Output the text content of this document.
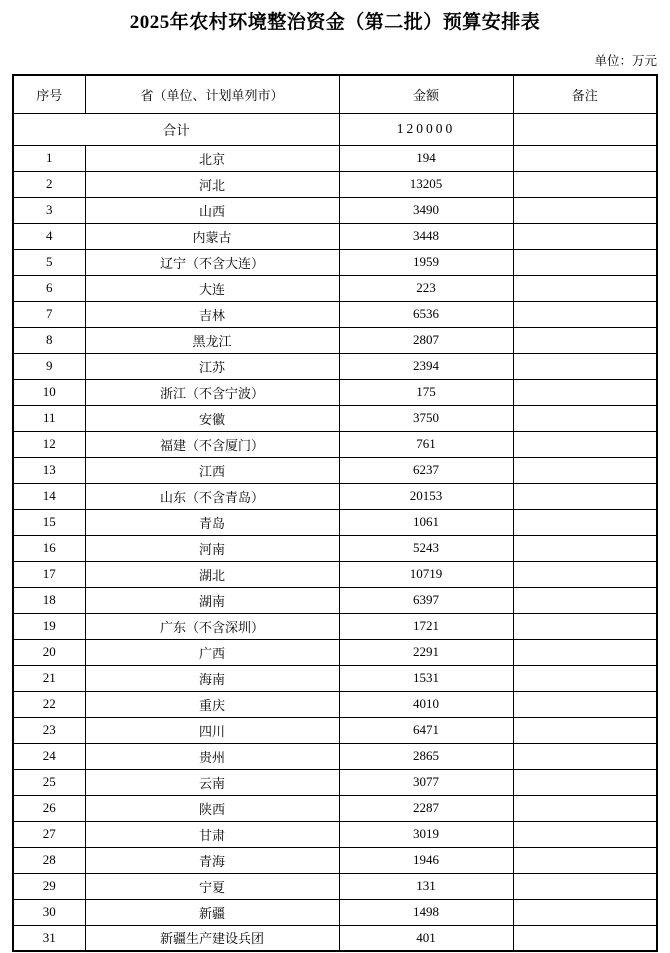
2025年农村环境整治资金（第二批）预算安排表
单位：万元
序号	省（单位、计划单列市）	金额	备注
合计		120000	
1	北京	194	
2	河北	13205	
3	山西	3490	
4	内蒙古	3448	
5	辽宁（不含大连）	1959	
6	大连	223	
7	吉林	6536	
8	黑龙江	2807	
9	江苏	2394	
10	浙江（不含宁波）	175	
11	安徽	3750	
12	福建（不含厦门）	761	
13	江西	6237	
14	山东（不含青岛）	20153	
15	青岛	1061	
16	河南	5243	
17	湖北	10719	
18	湖南	6397	
19	广东（不含深圳）	1721	
20	广西	2291	
21	海南	1531	
22	重庆	4010	
23	四川	6471	
24	贵州	2865	
25	云南	3077	
26	陕西	2287	
27	甘肃	3019	
28	青海	1946	
29	宁夏	131	
30	新疆	1498	
31	新疆生产建设兵团	401	
